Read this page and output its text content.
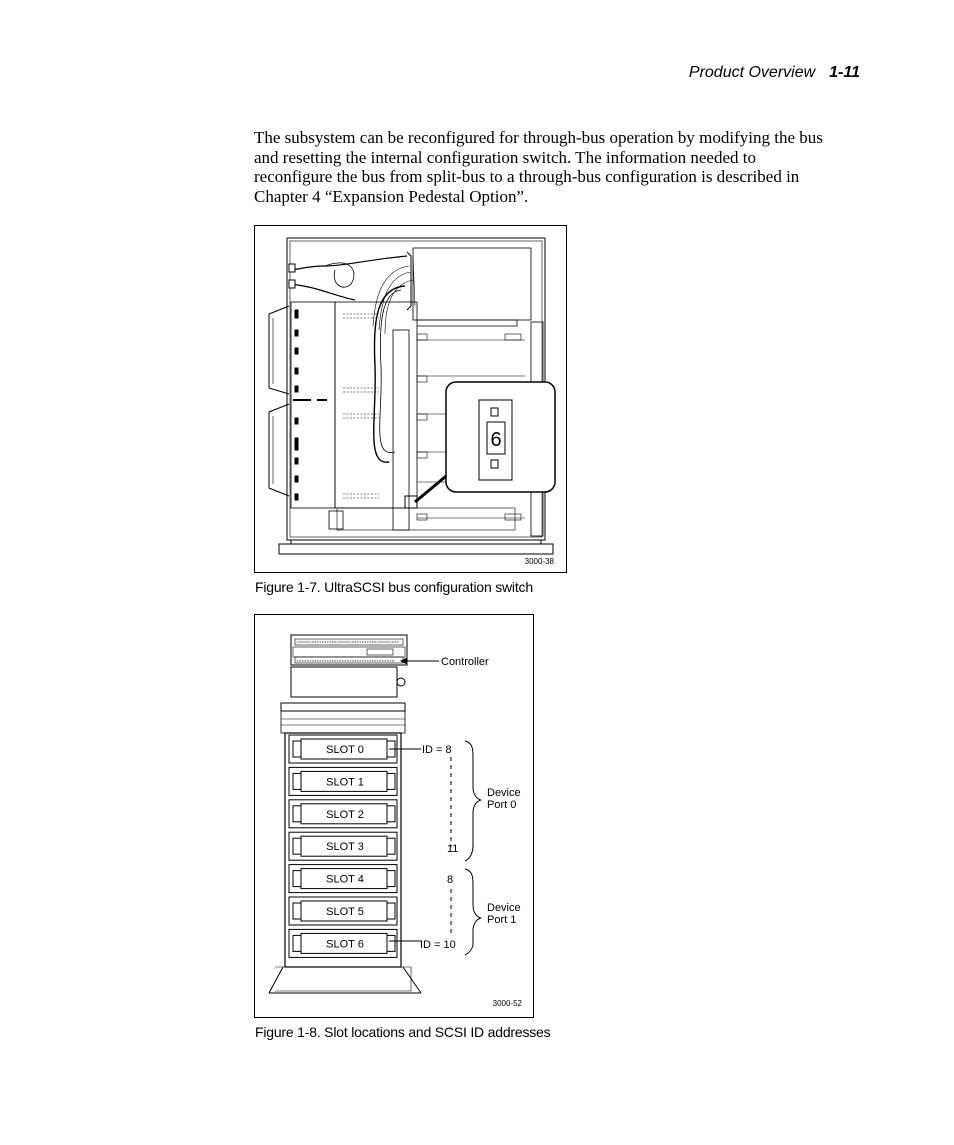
Product Overview 1-11
The subsystem can be reconfigured for through-bus operation by modifying the bus and resetting the internal configuration switch. The information needed to reconfigure the bus from split-bus to a through-bus configuration is described in Chapter 4 “Expansion Pedestal Option”.
6
3000-38
Figure 1-7. UltraSCSI bus configuration switch
Controller
SLOT 0
SLOT 1
SLOT 2
SLOT 3
SLOT 4
SLOT 5
SLOT 6
ID = 8
11
8
ID = 10
Device
Port 0
Device
Port 1
3000-52
Figure 1-8. Slot locations and SCSI ID addresses
